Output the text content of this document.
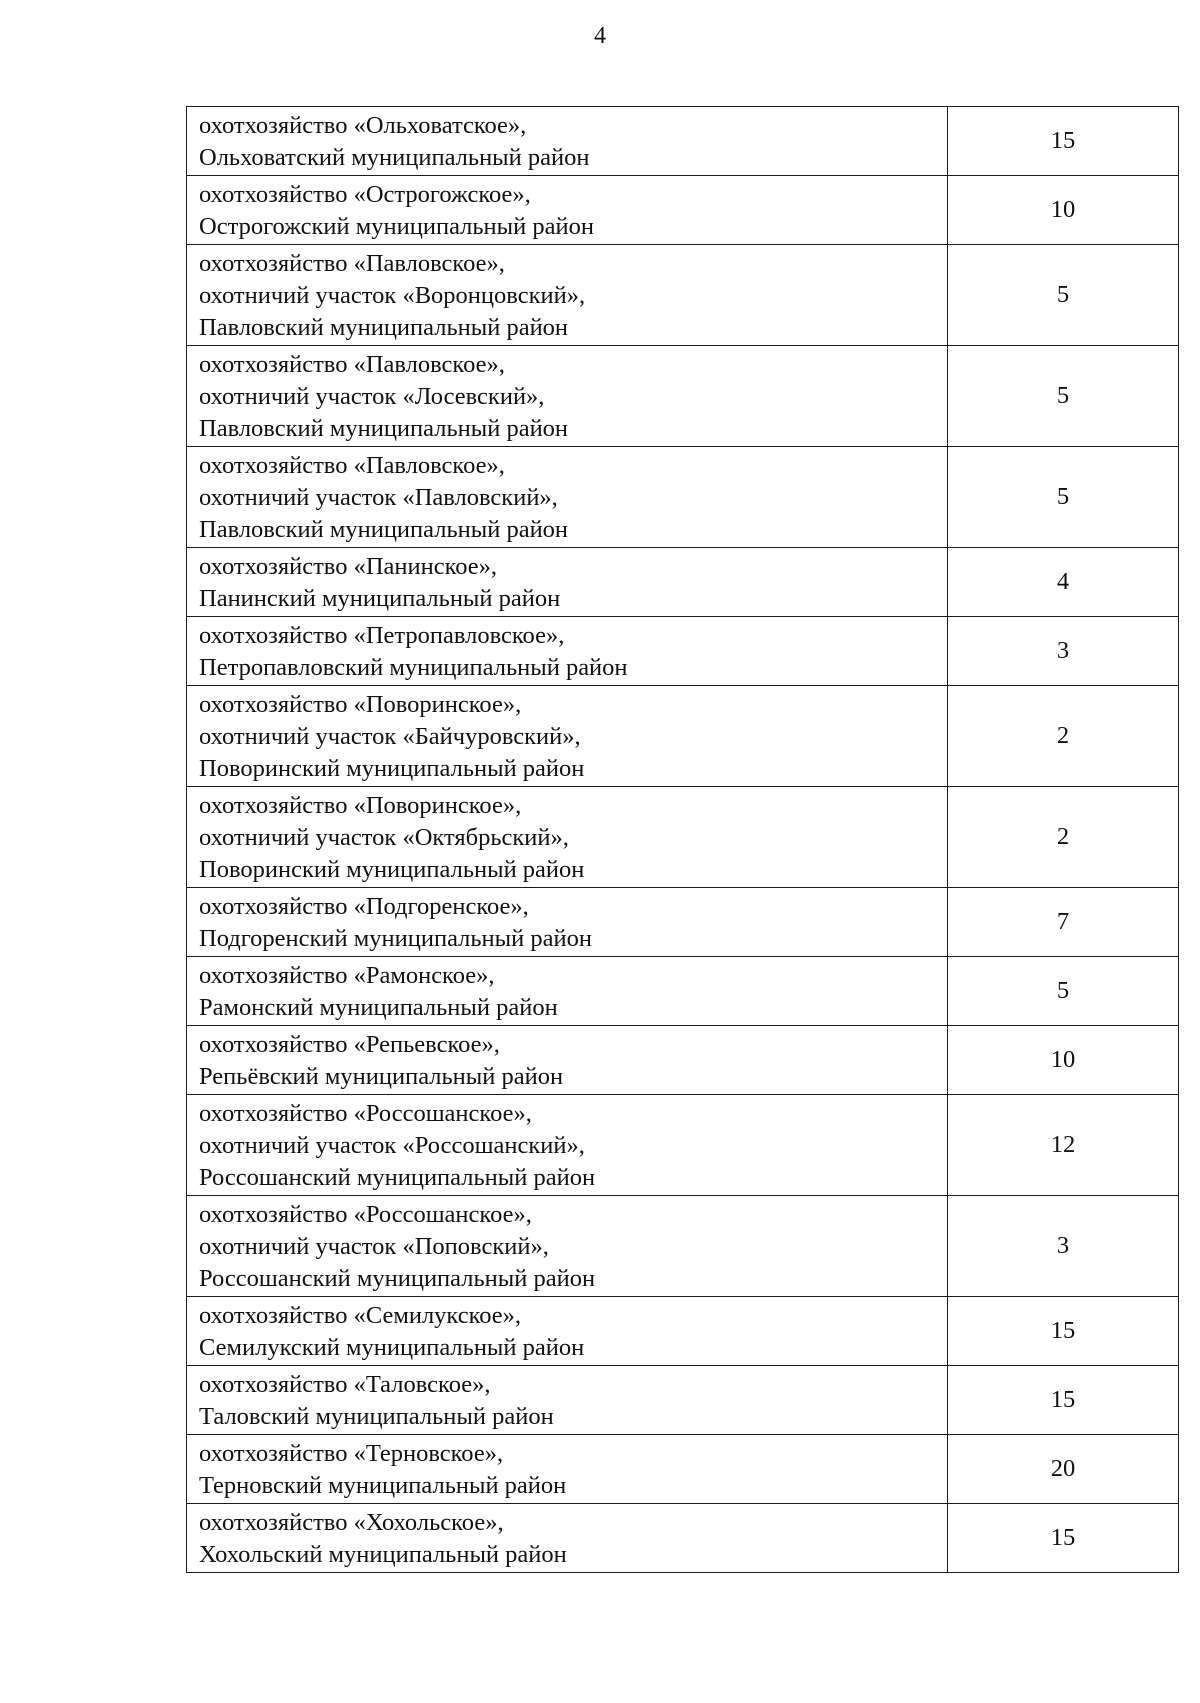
4
охотхозяйство «Ольховатское»,
Ольховатский муниципальный район	15

охотхозяйство «Острогожское»,
Острогожский муниципальный район	10

охотхозяйство «Павловское»,
охотничий участок «Воронцовский»,
Павловский муниципальный район	5

охотхозяйство «Павловское»,
охотничий участок «Лосевский»,
Павловский муниципальный район	5

охотхозяйство «Павловское»,
охотничий участок «Павловский»,
Павловский муниципальный район	5

охотхозяйство «Панинское»,
Панинский муниципальный район	4

охотхозяйство «Петропавловское»,
Петропавловский муниципальный район	3

охотхозяйство «Поворинское»,
охотничий участок «Байчуровский»,
Поворинский муниципальный район	2

охотхозяйство «Поворинское»,
охотничий участок «Октябрьский»,
Поворинский муниципальный район	2

охотхозяйство «Подгоренское»,
Подгоренский муниципальный район	7

охотхозяйство «Рамонское»,
Рамонский муниципальный район	5

охотхозяйство «Репьевское»,
Репьёвский муниципальный район	10

охотхозяйство «Россошанское»,
охотничий участок «Россошанский»,
Россошанский муниципальный район	12

охотхозяйство «Россошанское»,
охотничий участок «Поповский»,
Россошанский муниципальный район	3

охотхозяйство «Семилукское»,
Семилукский муниципальный район	15

охотхозяйство «Таловское»,
Таловский муниципальный район	15

охотхозяйство «Терновское»,
Терновский муниципальный район	20

охотхозяйство «Хохольское»,
Хохольский муниципальный район	15
